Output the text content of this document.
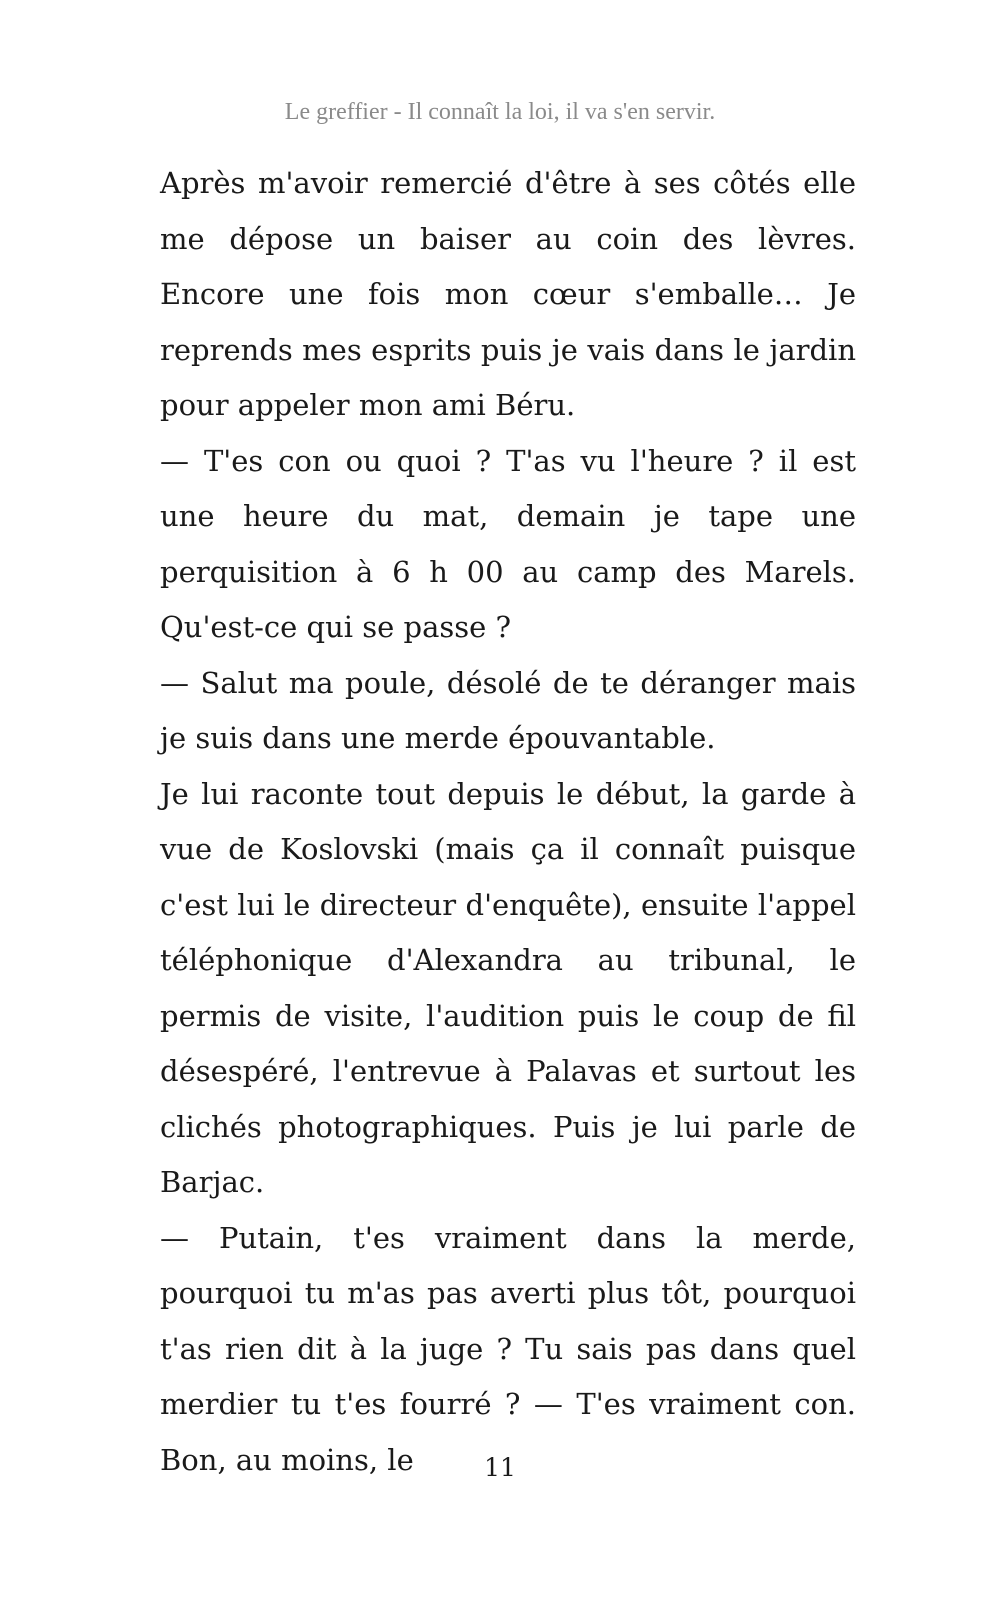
Le greffier - Il connaît la loi, il va s'en servir.

Après m'avoir remercié d'être à ses côtés elle me dépose un baiser au coin des lèvres. Encore une fois mon cœur s'emballe… Je reprends mes esprits puis je vais dans le jardin pour appeler mon ami Béru.

— T'es con ou quoi ? T'as vu l'heure ? il est une heure du mat, demain je tape une perquisition à 6 h 00 au camp des Marels. Qu'est-ce qui se passe ?

— Salut ma poule, désolé de te déranger mais je suis dans une merde épouvantable.

Je lui raconte tout depuis le début, la garde à vue de Koslovski (mais ça il connaît puisque c'est lui le directeur d'enquête), ensuite l'appel téléphonique d'Alexandra au tribunal, le permis de visite, l'audition puis le coup de fil désespéré, l'entrevue à Palavas et surtout les clichés photographiques. Puis je lui parle de Barjac.

— Putain, t'es vraiment dans la merde, pourquoi tu m'as pas averti plus tôt, pourquoi t'as rien dit à la juge ? Tu sais pas dans quel merdier tu t'es fourré ? — T'es vraiment con. Bon, au moins, le	11
